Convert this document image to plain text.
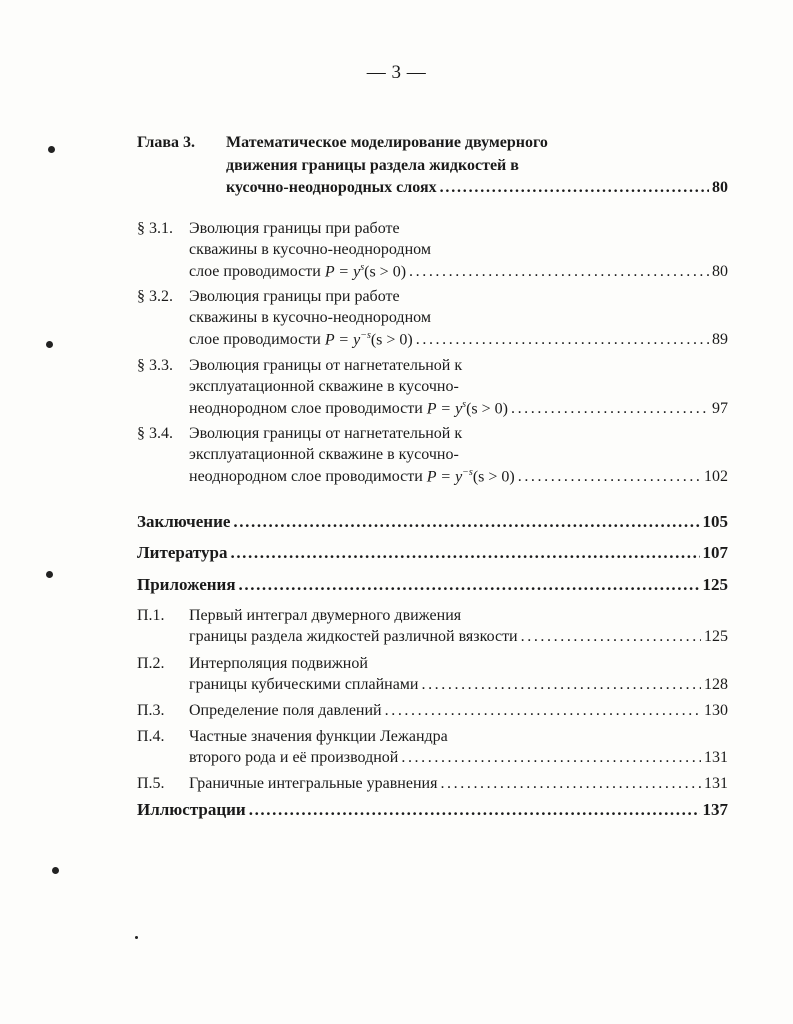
— 3 —
Глава 3.	Математическое моделирование двумерного
движения границы раздела жидкостей в
кусочно-неоднородных слоях .....	80
§ 3.1.	Эволюция границы при работе
скважины в кусочно-неоднородном
слое проводимости
$P = y^s(s > 0)$ .....	80
§ 3.2.	Эволюция границы при работе
скважины в кусочно-неоднородном
слое проводимости
$P = y^{-s}(s > 0)$ .....	89
§ 3.3.	Эволюция границы от нагнетательной к
эксплуатационной скважине в кусочно-
неоднородном слое проводимости
$P = y^s(s > 0)$ .....	97
§ 3.4.	Эволюция границы от нагнетательной к
эксплуатационной скважине в кусочно-
неоднородном слое проводимости
$P = y^{-s}(s > 0)$ .....	102
Заключение .....	105
Литература .....	107
Приложения .....	125
П.1.	Первый интеграл двумерного движения
границы раздела жидкостей различной вязкости .....	125
П.2.	Интерполяция подвижной
границы кубическими сплайнами .....	128
П.3.	Определение поля давлений .....	130
П.4.	Частные значения функции Лежандра
второго рода и её производной .....	131
П.5.	Граничные интегральные уравнения .....	131
Иллюстрации .....	137
